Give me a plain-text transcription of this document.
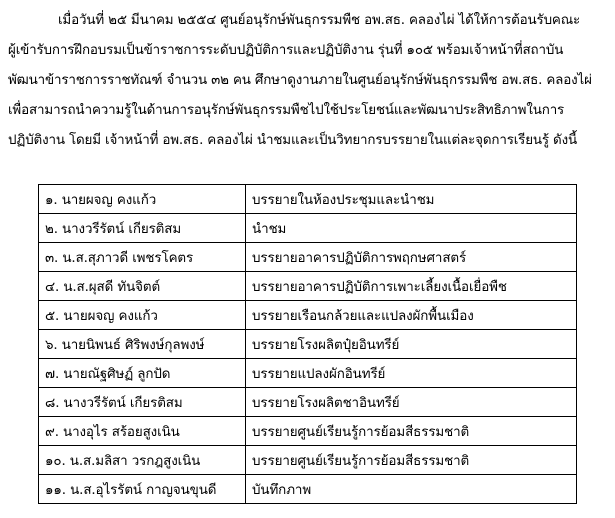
เมื่อวันที่ ๒๕ มีนาคม ๒๕๕๔ ศูนย์อนุรักษ์พันธุกรรมพืช อพ.สธ. คลองไผ่ ได้ให้การต้อนรับคณะ
ผู้เข้ารับการฝึกอบรมเป็นข้าราชการระดับปฏิบัติการและปฏิบัติงาน รุ่นที่ ๑๐๕ พร้อมเจ้าหน้าที่สถาบัน
พัฒนาข้าราชการราชทัณฑ์ จำนวน ๓๒ คน ศึกษาดูงานภายในศูนย์อนุรักษ์พันธุกรรมพืช อพ.สธ. คลองไผ่
เพื่อสามารถนำความรู้ในด้านการอนุรักษ์พันธุกรรมพืชไปใช้ประโยชน์และพัฒนาประสิทธิภาพในการ
ปฏิบัติงาน โดยมี เจ้าหน้าที่ อพ.สธ. คลองไผ่ นำชมและเป็นวิทยากรบรรยายในแต่ละจุดการเรียนรู้ ดังนี้
๑. นายผจญ คงแก้ว	บรรยายในห้องประชุมและนำชม
๒. นางวรีรัตน์ เกียรติสม	นำชม
๓. น.ส.สุภาวดี เพชรโคตร	บรรยายอาคารปฏิบัติการพฤกษศาสตร์
๔. น.ส.ผุสดี ทันจิตต์	บรรยายอาคารปฏิบัติการเพาะเลี้ยงเนื้อเยื่อพืช
๕. นายผจญ คงแก้ว	บรรยายเรือนกล้วยและแปลงผักพื้นเมือง
๖. นายนิพนธ์ ศิริพงษ์กุลพงษ์	บรรยายโรงผลิตปุ๋ยอินทรีย์
๗. นายณัฐศิษฏ์ ลูกปัด	บรรยายแปลงผักอินทรีย์
๘. นางวรีรัตน์ เกียรติสม	บรรยายโรงผลิตชาอินทรีย์
๙. นางอุไร สร้อยสูงเนิน	บรรยายศูนย์เรียนรู้การย้อมสีธรรมชาติ
๑๐. น.ส.มลิสา วรกฎสูงเนิน	บรรยายศูนย์เรียนรู้การย้อมสีธรรมชาติ
๑๑. น.ส.อุไรรัตน์ กาญจนขุนดี	บันทึกภาพ
